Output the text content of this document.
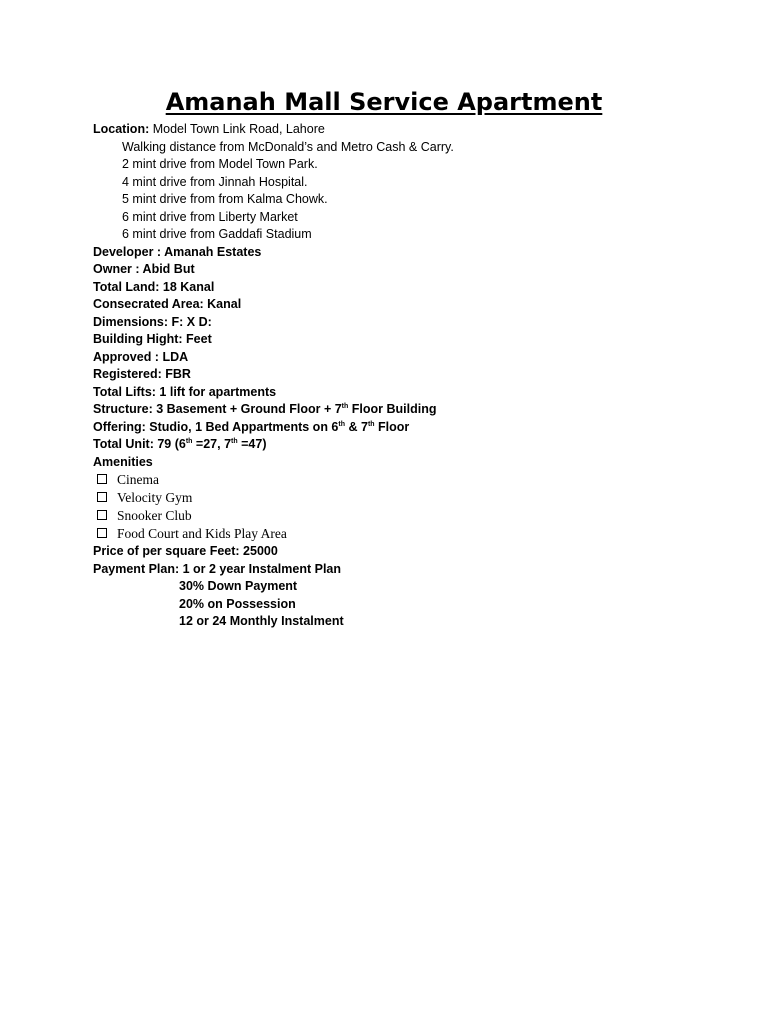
Amanah Mall Service Apartment
Location: Model Town Link Road, Lahore
Walking distance from McDonald’s and Metro Cash & Carry.
2 mint drive from Model Town Park.
4 mint drive from Jinnah Hospital.
5 mint drive from from Kalma Chowk.
6 mint drive from Liberty Market
6 mint drive from Gaddafi Stadium
Developer : Amanah Estates
Owner : Abid But
Total Land: 18 Kanal
Consecrated Area: Kanal
Dimensions: F: X D:
Building Hight: Feet
Approved : LDA
Registered: FBR
Total Lifts: 1 lift for apartments
Structure: 3 Basement + Ground Floor + 7th Floor Building
Offering: Studio, 1 Bed Appartments on 6th & 7th Floor
Total Unit: 79 (6th =27, 7th =47)
Amenities
Cinema
Velocity Gym
Snooker Club
Food Court and Kids Play Area
Price of per square Feet: 25000
Payment Plan: 1 or 2 year Instalment Plan
30% Down Payment
20% on Possession
12 or 24 Monthly Instalment
